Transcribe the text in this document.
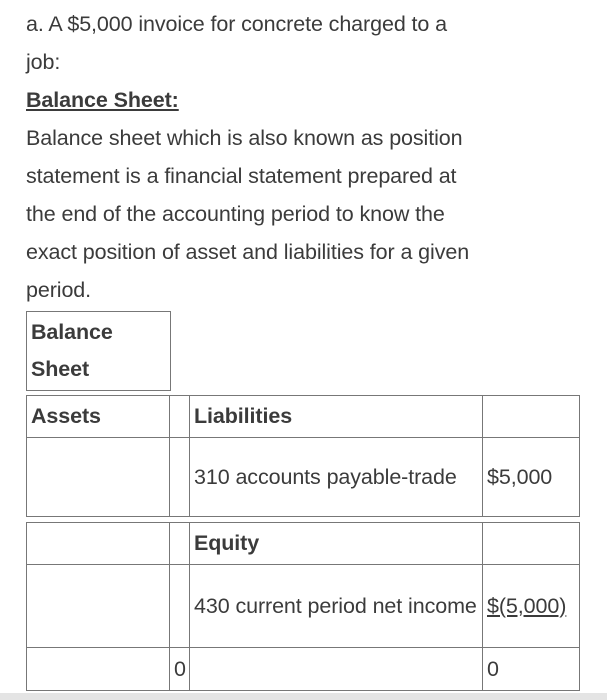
a. A $5,000 invoice for concrete charged to a
job:
Balance Sheet:
Balance sheet which is also known as position
statement is a financial statement prepared at
the end of the accounting period to know the
exact position of asset and liabilities for a given
period.
Balance Sheet
Assets		Liabilities	
		310 accounts payable-trade	$5,000
		Equity	
		430 current period net income	$(5,000)
	0		0
